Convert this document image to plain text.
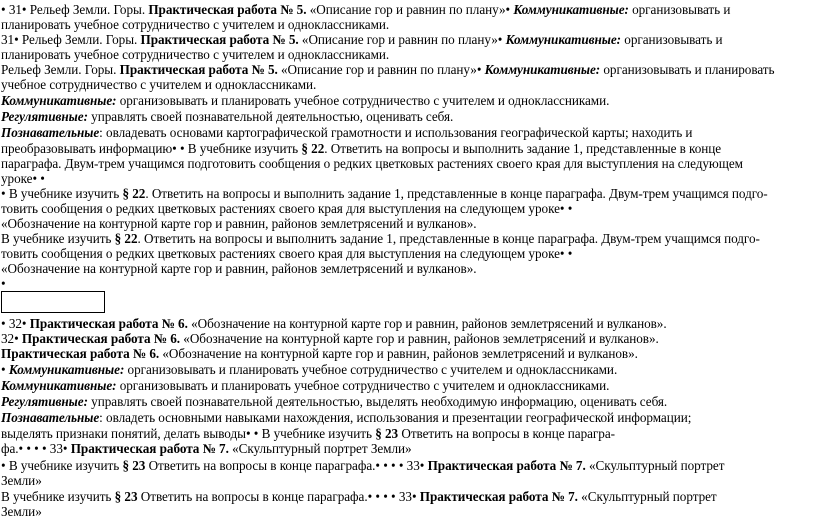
• 31• Рельеф Земли. Горы. Практическая работа № 5. «Описание гор и равнин по плану»• Коммуникативные: организовывать и
планировать учебное сотрудничество с учителем и одноклассниками.
31• Рельеф Земли. Горы. Практическая работа № 5. «Описание гор и равнин по плану»• Коммуникативные: организовывать и
планировать учебное сотрудничество с учителем и одноклассниками.
Рельеф Земли. Горы. Практическая работа № 5. «Описание гор и равнин по плану»• Коммуникативные: организовывать и планировать
учебное сотрудничество с учителем и одноклассниками.
Коммуникативные: организовывать и планировать учебное сотрудничество с учителем и одноклассниками.
Регулятивные: управлять своей познавательной деятельностью, оценивать себя.
Познавательные: овладевать основами картографической грамотности и использования географической карты; находить и
преобразовывать информацию• • В учебнике изучить § 22. Ответить на вопросы и выполнить задание 1, представленные в конце
параграфа. Двум-трем учащимся подготовить сообщения о редких цветковых растениях своего края для выступления на следующем
уроке• •
• В учебнике изучить § 22. Ответить на вопросы и выполнить задание 1, представленные в конце параграфа. Двум-трем учащимся подго-
товить сообщения о редких цветковых растениях своего края для выступления на следующем уроке• •
«Обозначение на контурной карте гор и равнин, районов землетрясений и вулканов».
В учебнике изучить § 22. Ответить на вопросы и выполнить задание 1, представленные в конце параграфа. Двум-трем учащимся подго-
товить сообщения о редких цветковых растениях своего края для выступления на следующем уроке• •
«Обозначение на контурной карте гор и равнин, районов землетрясений и вулканов».
•
• 32• Практическая работа № 6. «Обозначение на контурной карте гор и равнин, районов землетрясений и вулканов».
32• Практическая работа № 6. «Обозначение на контурной карте гор и равнин, районов землетрясений и вулканов».
Практическая работа № 6. «Обозначение на контурной карте гор и равнин, районов землетрясений и вулканов».
• Коммуникативные: организовывать и планировать учебное сотрудничество с учителем и одноклассниками.
Коммуникативные: организовывать и планировать учебное сотрудничество с учителем и одноклассниками.
Регулятивные: управлять своей познавательной деятельностью, выделять необходимую информацию, оценивать себя.
Познавательные: овладеть основными навыками нахождения, использования и презентации географической информации;
выделять признаки понятий, делать выводы• • В учебнике изучить § 23 Ответить на вопросы в конце парагра-
фа.• • • • 33• Практическая работа № 7. «Скульптурный портрет Земли»
• В учебнике изучить § 23 Ответить на вопросы в конце параграфа.• • • • 33• Практическая работа № 7. «Скульптурный портрет
Земли»
В учебнике изучить § 23 Ответить на вопросы в конце параграфа.• • • • 33• Практическая работа № 7. «Скульптурный портрет
Земли»
